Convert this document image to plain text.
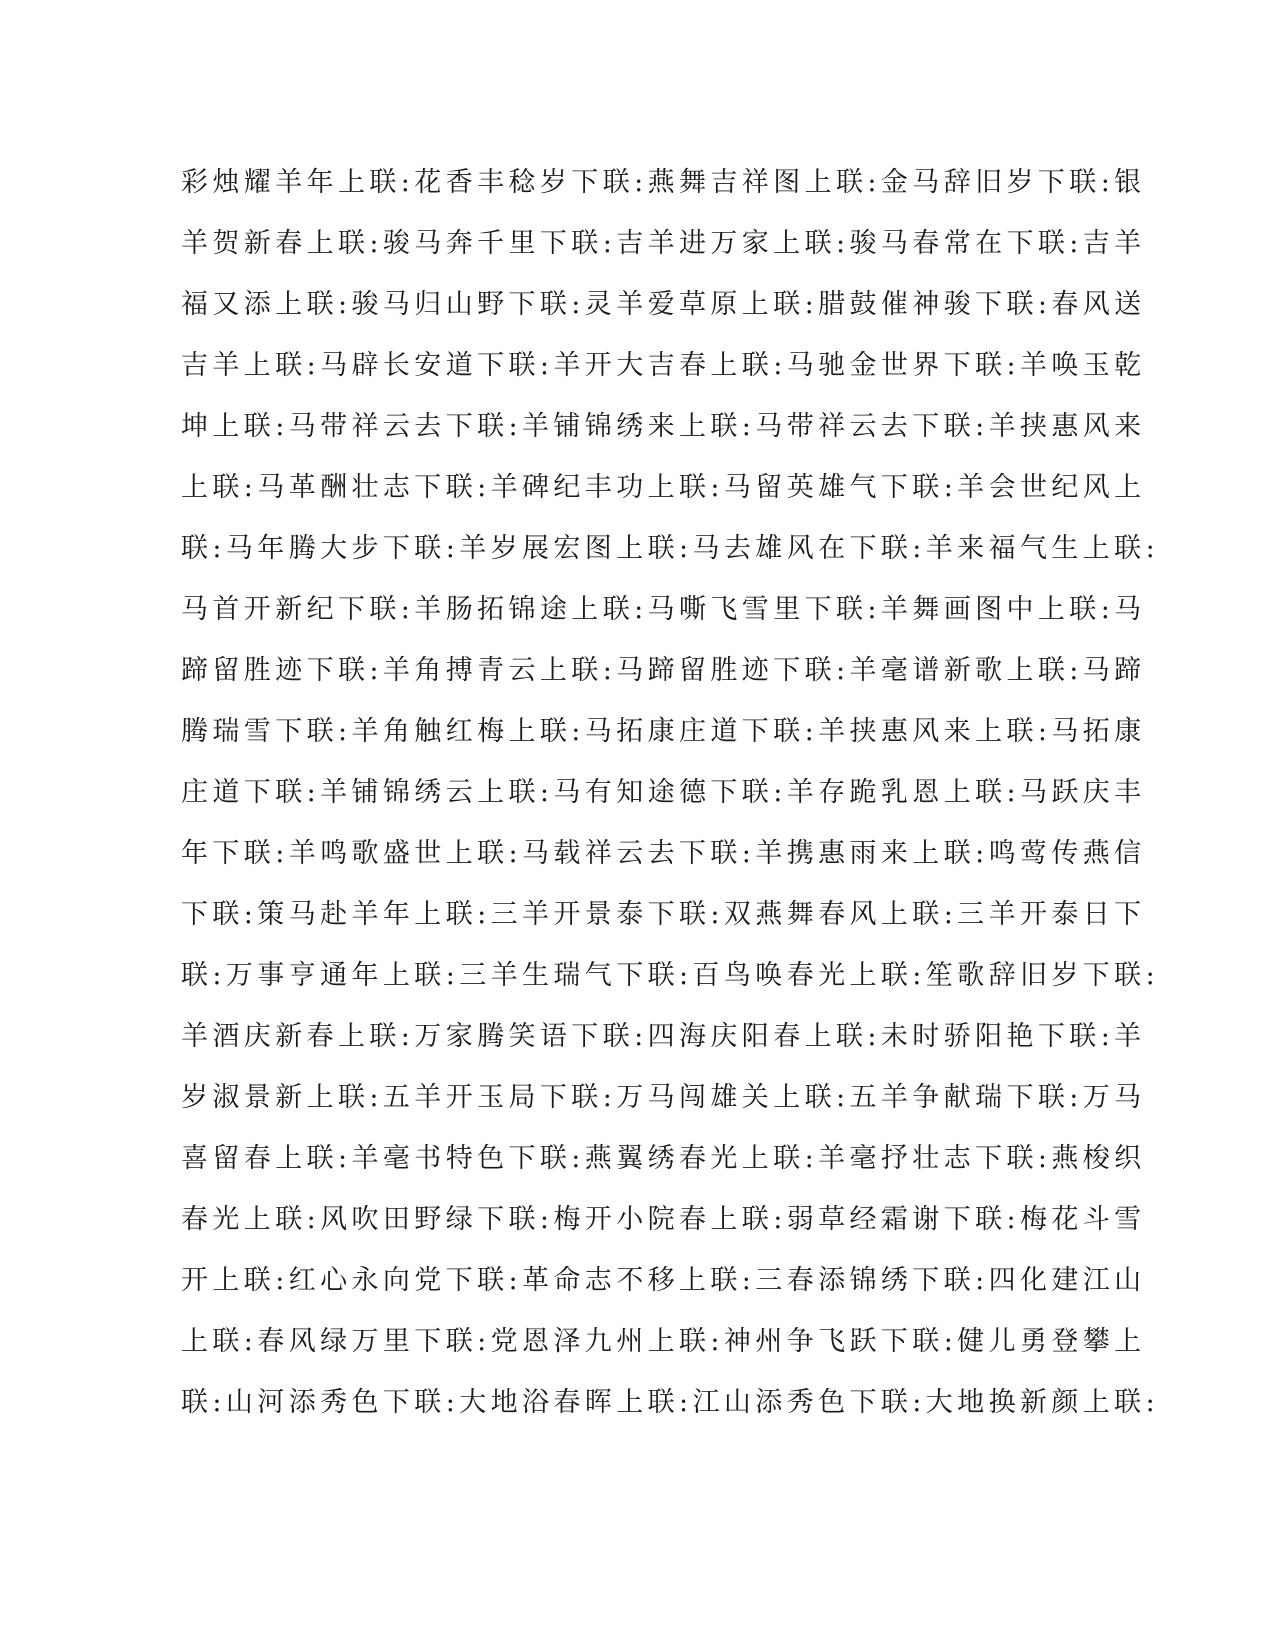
彩烛耀羊年上联:花香丰稔岁下联:燕舞吉祥图上联:金马辞旧岁下联:银
羊贺新春上联:骏马奔千里下联:吉羊进万家上联:骏马春常在下联:吉羊
福又添上联:骏马归山野下联:灵羊爱草原上联:腊鼓催神骏下联:春风送
吉羊上联:马辟长安道下联:羊开大吉春上联:马驰金世界下联:羊唤玉乾
坤上联:马带祥云去下联:羊铺锦绣来上联:马带祥云去下联:羊挟惠风来
上联:马革酬壮志下联:羊碑纪丰功上联:马留英雄气下联:羊会世纪风上
联:马年腾大步下联:羊岁展宏图上联:马去雄风在下联:羊来福气生上联:
马首开新纪下联:羊肠拓锦途上联:马嘶飞雪里下联:羊舞画图中上联:马
蹄留胜迹下联:羊角搏青云上联:马蹄留胜迹下联:羊毫谱新歌上联:马蹄
腾瑞雪下联:羊角触红梅上联:马拓康庄道下联:羊挟惠风来上联:马拓康
庄道下联:羊铺锦绣云上联:马有知途德下联:羊存跪乳恩上联:马跃庆丰
年下联:羊鸣歌盛世上联:马载祥云去下联:羊携惠雨来上联:鸣莺传燕信
下联:策马赴羊年上联:三羊开景泰下联:双燕舞春风上联:三羊开泰日下
联:万事亨通年上联:三羊生瑞气下联:百鸟唤春光上联:笙歌辞旧岁下联:
羊酒庆新春上联:万家腾笑语下联:四海庆阳春上联:未时骄阳艳下联:羊
岁淑景新上联:五羊开玉局下联:万马闯雄关上联:五羊争献瑞下联:万马
喜留春上联:羊毫书特色下联:燕翼绣春光上联:羊毫抒壮志下联:燕梭织
春光上联:风吹田野绿下联:梅开小院春上联:弱草经霜谢下联:梅花斗雪
开上联:红心永向党下联:革命志不移上联:三春添锦绣下联:四化建江山
上联:春风绿万里下联:党恩泽九州上联:神州争飞跃下联:健儿勇登攀上
联:山河添秀色下联:大地浴春晖上联:江山添秀色下联:大地换新颜上联:
